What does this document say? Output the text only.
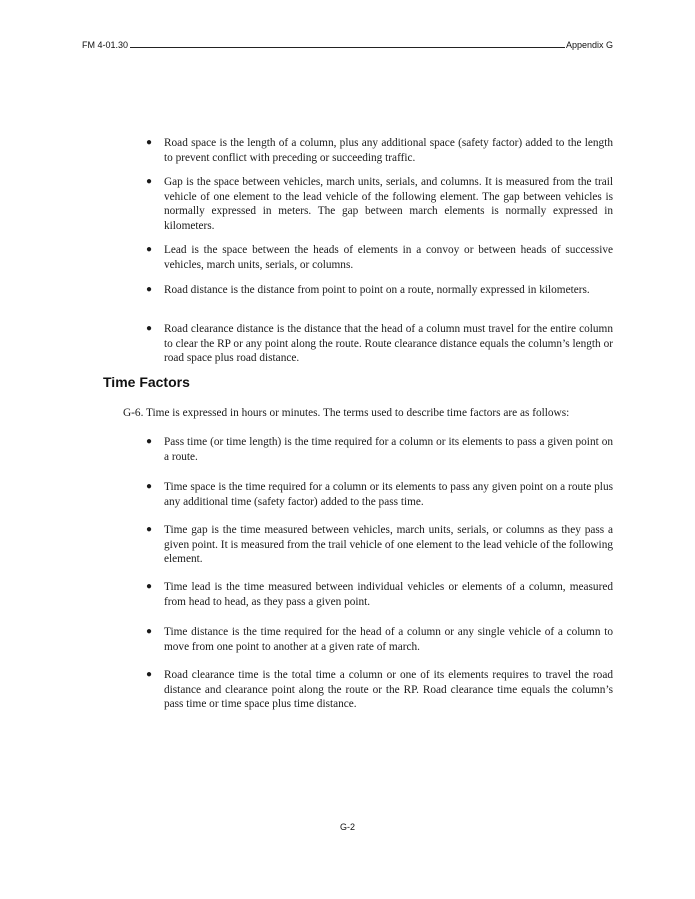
FM 4-01.30	Appendix G

● Road space is the length of a column, plus any additional space (safety factor) added to the length to prevent conflict with preceding or succeeding traffic.

● Gap is the space between vehicles, march units, serials, and columns. It is measured from the trail vehicle of one element to the lead vehicle of the following element. The gap between vehicles is normally expressed in meters. The gap between march elements is normally expressed in kilometers.

● Lead is the space between the heads of elements in a convoy or between heads of successive vehicles, march units, serials, or columns.

● Road distance is the distance from point to point on a route, normally expressed in kilometers.

● Road clearance distance is the distance that the head of a column must travel for the entire column to clear the RP or any point along the route. Route clearance distance equals the column’s length or road space plus road distance.

Time Factors

G-6. Time is expressed in hours or minutes. The terms used to describe time factors are as follows:

● Pass time (or time length) is the time required for a column or its elements to pass a given point on a route.

● Time space is the time required for a column or its elements to pass any given point on a route plus any additional time (safety factor) added to the pass time.

● Time gap is the time measured between vehicles, march units, serials, or columns as they pass a given point. It is measured from the trail vehicle of one element to the lead vehicle of the following element.

● Time lead is the time measured between individual vehicles or elements of a column, measured from head to head, as they pass a given point.

● Time distance is the time required for the head of a column or any single vehicle of a column to move from one point to another at a given rate of march.

● Road clearance time is the total time a column or one of its elements requires to travel the road distance and clearance point along the route or the RP. Road clearance time equals the column’s pass time or time space plus time distance.

G-2
